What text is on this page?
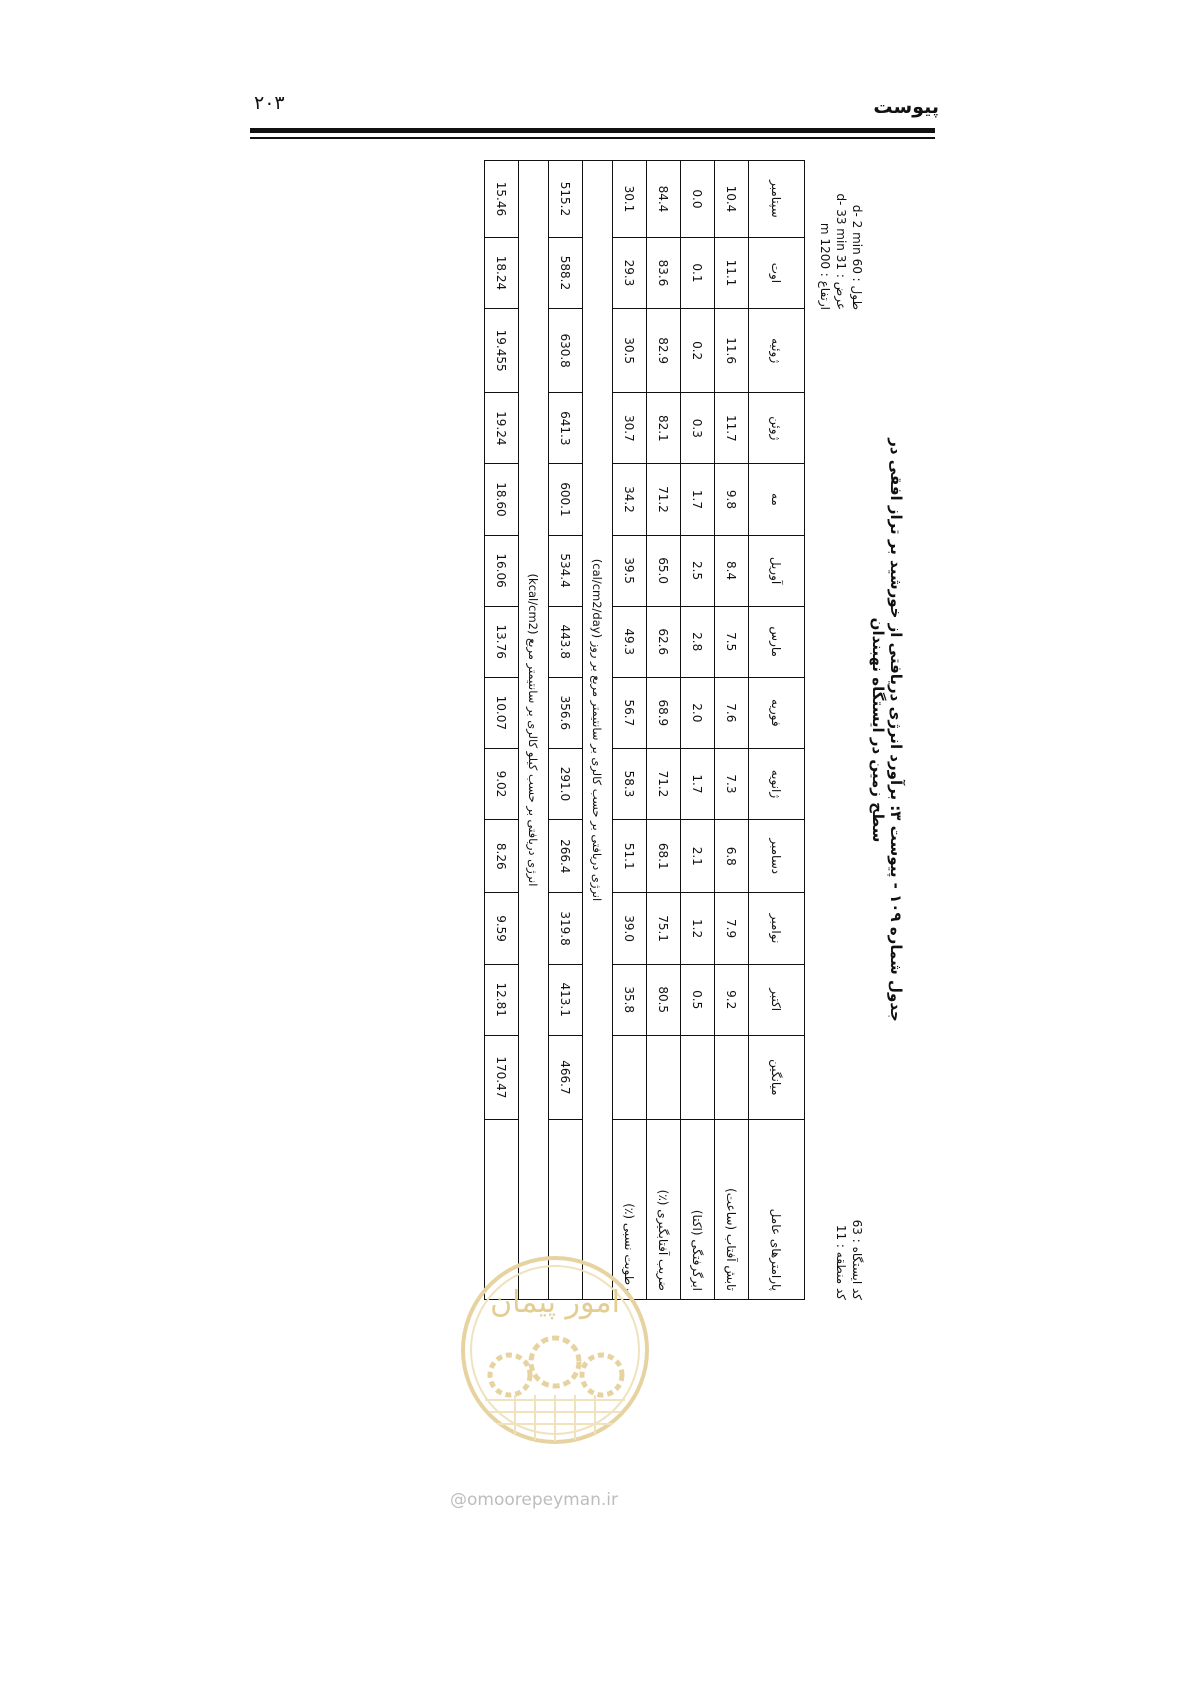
۲۰۳	پیوست
جدول شماره ۱۰۹ - پیوست ۳: برآورد انرژی دریافتی از خورشید بر تراز افقی در سطح زمین در ایستگاه نهبندان
طول : 60 d- 2 min
عرض : 31 d- 33 min
ارتفاع : 1200 m
کد ایستگاه : 63
کد منطقه : 11
پارامترهای عامل	میانگین	اکتبر	نوامبر	دسامبر	ژانویه	فوریه	مارس	آوریل	مه	ژوئن	ژوئیه	اوت	سپتامبر
تابش آفتاب (ساعت)		9.2	7.9	6.8	7.3	7.6	7.5	8.4	9.8	11.7	11.6	11.1	10.4
ابرگرفتگی (اکتا)		0.5	1.2	2.1	1.7	2.0	2.8	2.5	1.7	0.3	0.2	0.1	0.0
ضریب آفتابگیری (٪)		80.5	75.1	68.1	71.2	68.9	62.6	65.0	71.2	82.1	82.9	83.6	84.4
رطوبت نسبی (٪)		35.8	39.0	51.1	58.3	56.7	49.3	39.5	34.2	30.7	30.5	29.3	30.1
انرژی دریافتی بر حسب کالری بر سانتیمتر مربع بر روز (cal/cm2/day)													
	466.7	413.1	319.8	266.4	291.0	356.6	443.8	534.4	600.1	641.3	630.8	588.2	515.2
انرژی دریافتی بر حسب کیلو کالری بر سانتیمتر مربع (kcal/cm2)													
	170.47	12.81	9.59	8.26	9.02	10.07	13.76	16.06	18.60	19.24	19.455	18.24	15.46
امور پیمان
@omoorepeyman.ir
